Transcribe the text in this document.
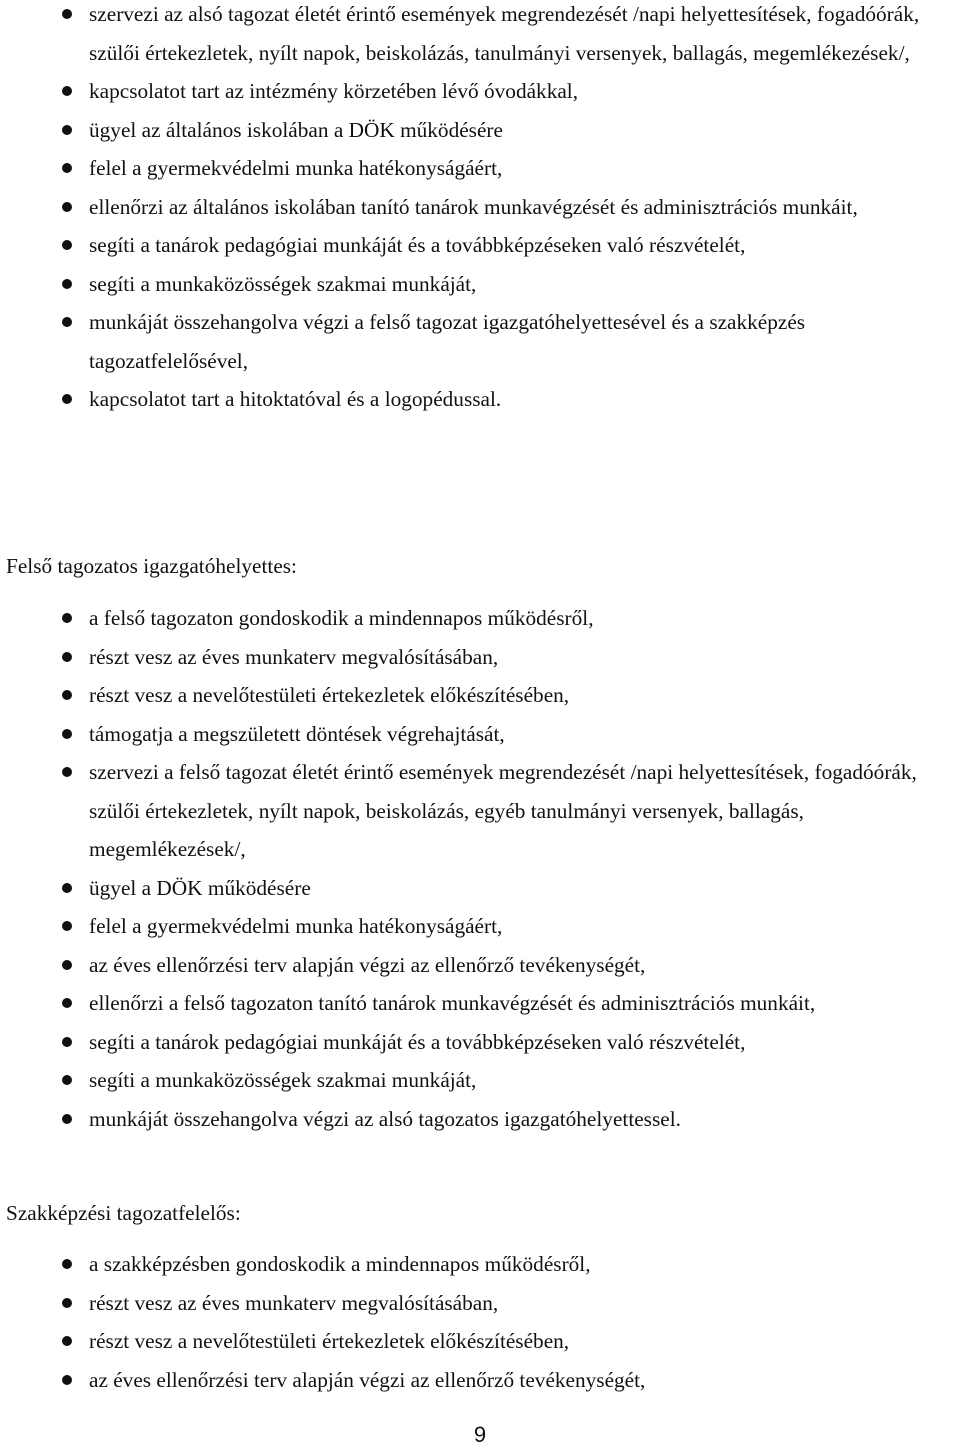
szervezi az alsó tagozat életét érintő események megrendezését /napi helyettesítések, fogadóórák, szülői értekezletek, nyílt napok, beiskolázás, tanulmányi versenyek, ballagás, megemlékezések/,
kapcsolatot tart az intézmény körzetében lévő óvodákkal,
ügyel az általános iskolában a DÖK működésére
felel a gyermekvédelmi munka hatékonyságáért,
ellenőrzi az általános iskolában tanító tanárok munkavégzését és adminisztrációs munkáit,
segíti a tanárok pedagógiai munkáját és a továbbképzéseken való részvételét,
segíti a munkaközösségek szakmai munkáját,
munkáját összehangolva végzi a felső tagozat igazgatóhelyettesével és a szakképzés tagozatfelelősével,
kapcsolatot tart a hitoktatóval és a logopédussal.
Felső tagozatos igazgatóhelyettes:
a felső tagozaton gondoskodik a mindennapos működésről,
részt vesz az éves munkaterv megvalósításában,
részt vesz a nevelőtestületi értekezletek előkészítésében,
támogatja a megszületett döntések végrehajtását,
szervezi a felső tagozat életét érintő események megrendezését /napi helyettesítések, fogadóórák, szülői értekezletek, nyílt napok, beiskolázás, egyéb tanulmányi versenyek, ballagás, megemlékezések/,
ügyel a DÖK működésére
felel a gyermekvédelmi munka hatékonyságáért,
az éves ellenőrzési terv alapján végzi az ellenőrző tevékenységét,
ellenőrzi a felső tagozaton tanító tanárok munkavégzését és adminisztrációs munkáit,
segíti a tanárok pedagógiai munkáját és a továbbképzéseken való részvételét,
segíti a munkaközösségek szakmai munkáját,
munkáját összehangolva végzi az alsó tagozatos igazgatóhelyettessel.
Szakképzési tagozatfelelős:
a szakképzésben gondoskodik a mindennapos működésről,
részt vesz az éves munkaterv megvalósításában,
részt vesz a nevelőtestületi értekezletek előkészítésében,
az éves ellenőrzési terv alapján végzi az ellenőrző tevékenységét,
9
